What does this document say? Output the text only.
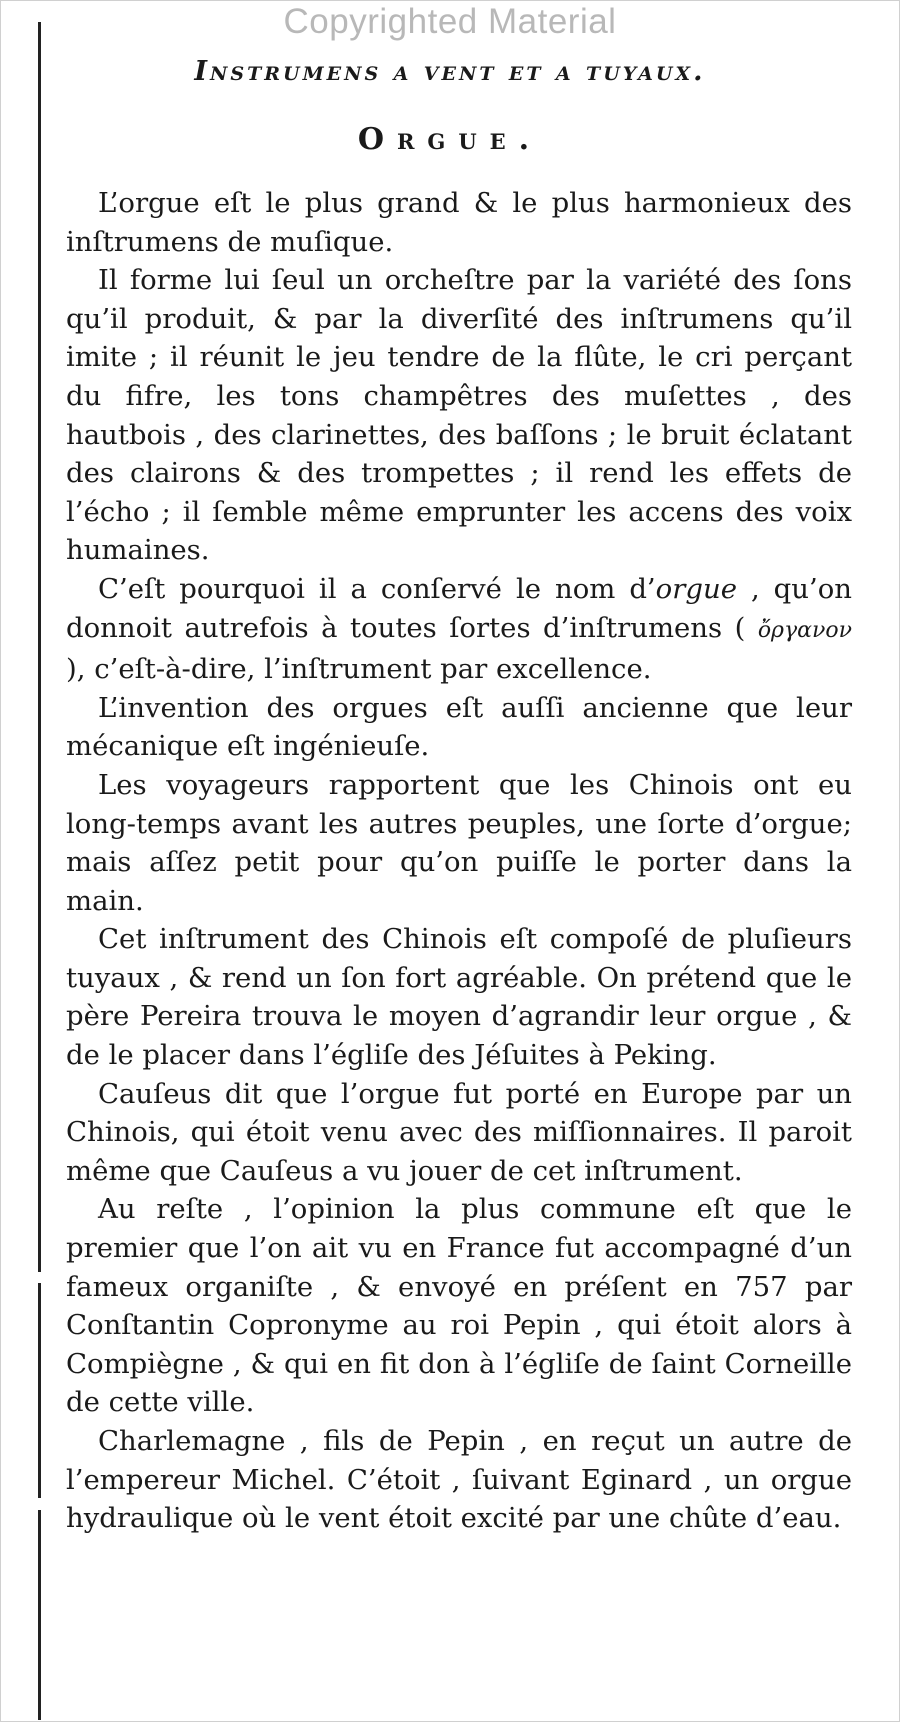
Copyrighted Material
Instrumens a vent et a tuyaux.
Orgue.

L’orgue eſt le plus grand & le plus harmonieux des inſtrumens de muſique.

Il forme lui ſeul un orcheſtre par la variété des ſons qu’il produit, & par la diverſité des inſtrumens qu’il imite ; il réunit le jeu tendre de la flûte, le cri perçant du fifre, les tons champêtres des muſettes , des hautbois , des clarinettes, des baſſons ; le bruit éclatant des clairons & des trompettes ; il rend les effets de l’écho ; il ſemble même emprunter les accens des voix humaines.

C’eſt pourquoi il a conſervé le nom d’orgue , qu’on donnoit autrefois à toutes ſortes d’inſtrumens ( ὄργανον ), c’eſt-à-dire, l’inſtrument par excellence.

L’invention des orgues eſt auſſi ancienne que leur mécanique eſt ingénieuſe.

Les voyageurs rapportent que les Chinois ont eu long-temps avant les autres peuples, une ſorte d’orgue; mais aſſez petit pour qu’on puiſſe le porter dans la main.

Cet inſtrument des Chinois eſt compoſé de pluſieurs tuyaux , & rend un ſon fort agréable. On prétend que le père Pereira trouva le moyen d’agrandir leur orgue , & de le placer dans l’égliſe des Jéſuites à Peking.

Cauſeus dit que l’orgue fut porté en Europe par un Chinois, qui étoit venu avec des miſſionnaires. Il paroit même que Cauſeus a vu jouer de cet inſtrument.

Au reſte , l’opinion la plus commune eſt que le premier que l’on ait vu en France fut accompagné d’un fameux organiſte , & envoyé en préſent en 757 par Conſtantin Copronyme au roi Pepin , qui étoit alors à Compiègne , & qui en fit don à l’égliſe de ſaint Corneille de cette ville.

Charlemagne , fils de Pepin , en reçut un autre de l’empereur Michel. C’étoit , ſuivant Eginard , un orgue hydraulique où le vent étoit excité par une chûte d’eau.
